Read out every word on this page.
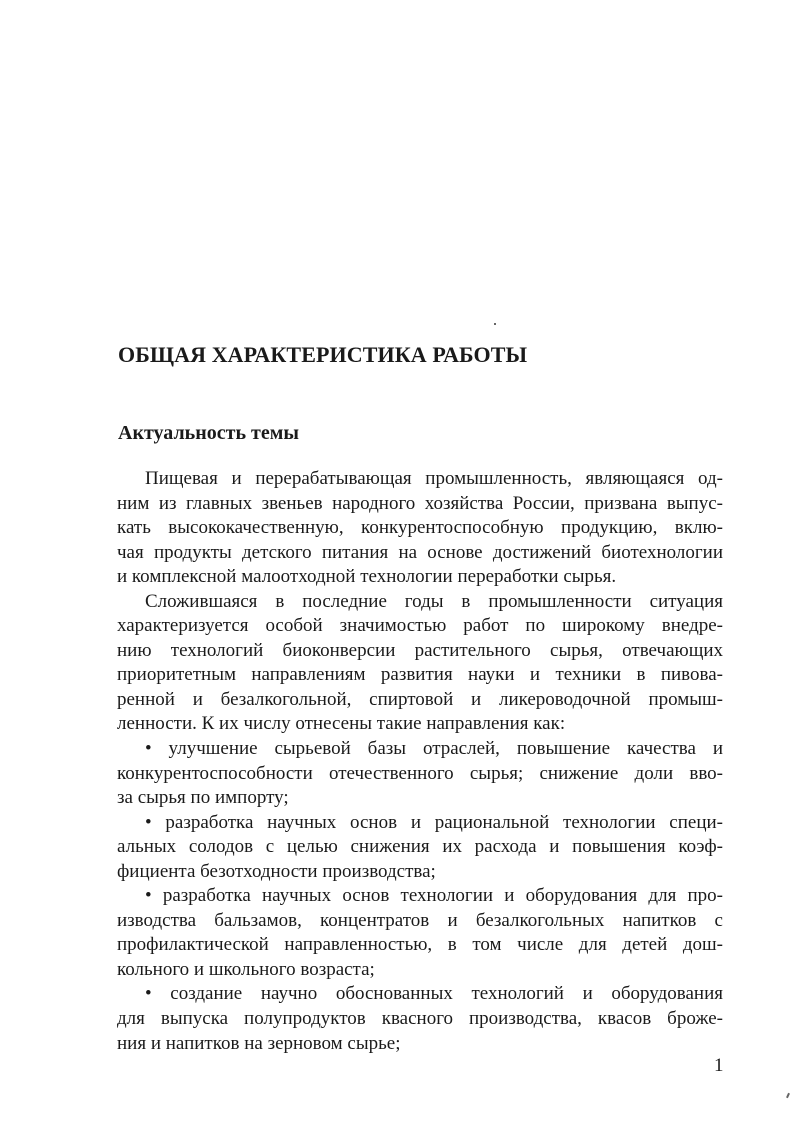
ОБЩАЯ ХАРАКТЕРИСТИКА РАБОТЫ
Актуальность темы
Пищевая и перерабатывающая промышленность, являющаяся од-
ним из главных звеньев народного хозяйства России, призвана выпус-
кать высококачественную, конкурентоспособную продукцию, вклю-
чая продукты детского питания на основе достижений биотехнологии
и комплексной малоотходной технологии переработки сырья.
Сложившаяся в последние годы в промышленности ситуация
характеризуется особой значимостью работ по широкому внедре-
нию технологий биоконверсии растительного сырья, отвечающих
приоритетным направлениям развития науки и техники в пивова-
ренной и безалкогольной, спиртовой и ликероводочной промыш-
ленности. К их числу отнесены такие направления как:
• улучшение сырьевой базы отраслей, повышение качества и
конкурентоспособности отечественного сырья; снижение доли вво-
за сырья по импорту;
• разработка научных основ и рациональной технологии специ-
альных солодов с целью снижения их расхода и повышения коэф-
фициента безотходности производства;
• разработка научных основ технологии и оборудования для про-
изводства бальзамов, концентратов и безалкогольных напитков с
профилактической направленностью, в том числе для детей дош-
кольного и школьного возраста;
• создание научно обоснованных технологий и оборудования
для выпуска полупродуктов квасного производства, квасов броже-
ния и напитков на зерновом сырье;
1
